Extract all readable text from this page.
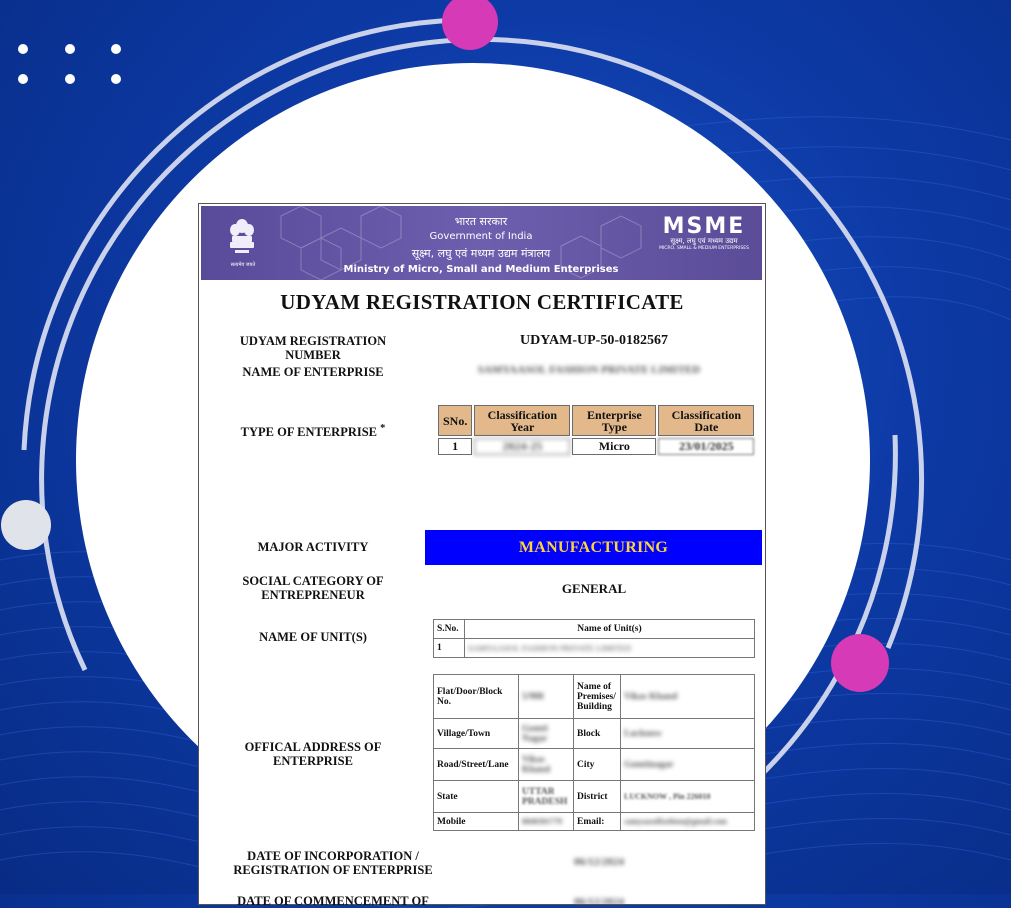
सत्यमेव जयते
भारत सरकार
Government of India
सूक्ष्म, लघु एवं मध्यम उद्यम मंत्रालय
Ministry of Micro, Small and Medium Enterprises
MSME
सूक्ष्म, लघु एवं मध्यम उद्यम
MICRO, SMALL & MEDIUM ENTERPRISES
UDYAM REGISTRATION CERTIFICATE
UDYAM REGISTRATION NUMBER
UDYAM-UP-50-0182567
NAME OF ENTERPRISE	SAMYAASOL FASHION PRIVATE LIMITED
TYPE OF ENTERPRISE *
SNo.	Classification Year	Enterprise Type	Classification Date
1	2024-25	Micro	23/01/2025
MAJOR ACTIVITY	MANUFACTURING
SOCIAL CATEGORY OF
ENTREPRENEUR	GENERAL
NAME OF UNIT(S)
S.No.	Name of Unit(s)
1	SAMYAASOL FASHION PRIVATE LIMITED
OFFICAL ADDRESS OF
ENTERPRISE
Flat/Door/Block No.	5/988	Name of Premises/ Building	Vikas Khand
Village/Town	Gomti Nagar	Block	Lucknow
Road/Street/Lane	Vikas Khand	City	Gomtinagar
State	UTTAR PRADESH	District	LUCKNOW , Pin 226010
Mobile	8840301779	Email:	samyaasolfashion@gmail.com
DATE OF INCORPORATION /
REGISTRATION OF ENTERPRISE
06/12/2024
DATE OF COMMENCEMENT OF	06/12/2024
